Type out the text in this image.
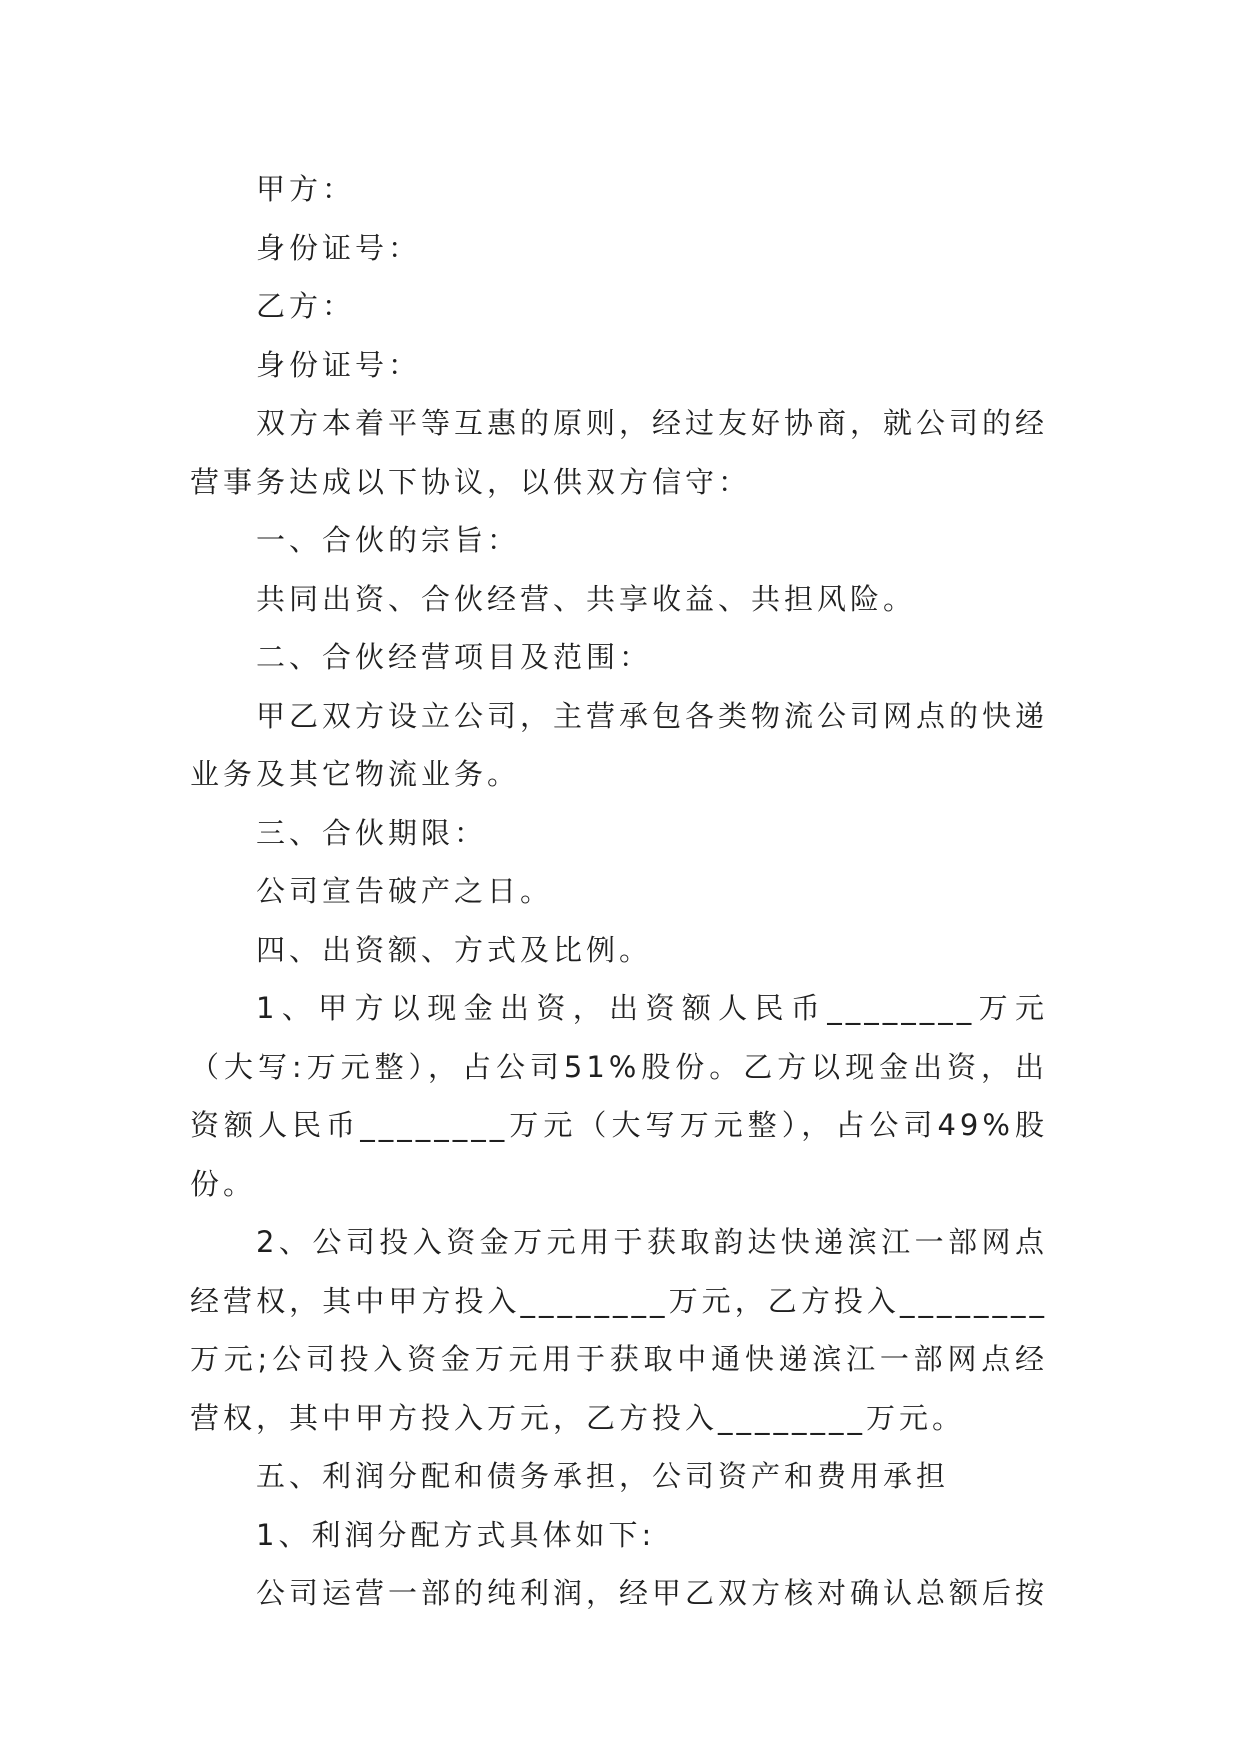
甲方：

身份证号：

乙方：

身份证号：

双方本着平等互惠的原则，经过友好协商，就公司的经营事务达成以下协议，以供双方信守：

一、合伙的宗旨：

共同出资、合伙经营、共享收益、共担风险。

二、合伙经营项目及范围：

甲乙双方设立公司，主营承包各类物流公司网点的快递业务及其它物流业务。

三、合伙期限：

公司宣告破产之日。

四、出资额、方式及比例。

1、甲方以现金出资，出资额人民币________万元（大写:万元整），占公司51%股份。乙方以现金出资，出资额人民币________万元（大写万元整），占公司49%股份。

2、公司投入资金万元用于获取韵达快递滨江一部网点经营权，其中甲方投入________万元，乙方投入________万元;公司投入资金万元用于获取中通快递滨江一部网点经营权，其中甲方投入万元，乙方投入________万元。

五、利润分配和债务承担，公司资产和费用承担

1、利润分配方式具体如下:

公司运营一部的纯利润，经甲乙双方核对确认总额后按
